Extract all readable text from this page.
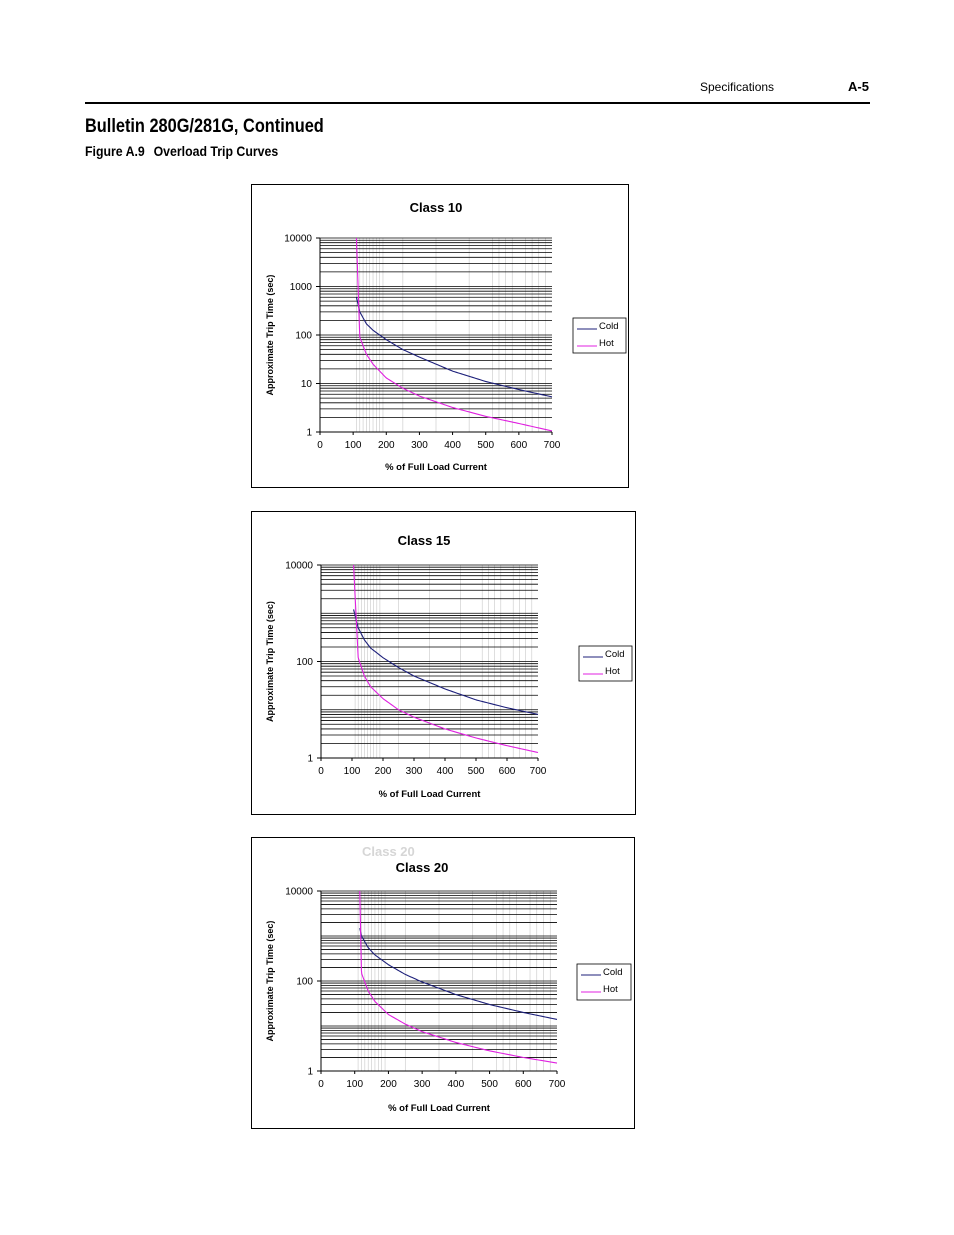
Specifications	A-5
Bulletin 280G/281G, Continued
Figure A.9 Overload Trip Curves
Class 10
10000
1000
100
10
1
0 100 200 300 400 500 600 700
% of Full Load Current
Approximate Trip Time (sec)	Cold
Hot
Class 15
10000
100
1
0 100 200 300 400 500 600 700
% of Full Load Current
Approximate Trip Time (sec)	Cold
Hot
Class 20
Class 20
10000
100
1
0 100 200 300 400 500 600 700
% of Full Load Current
Approximate Trip Time (sec)	Cold
Hot
